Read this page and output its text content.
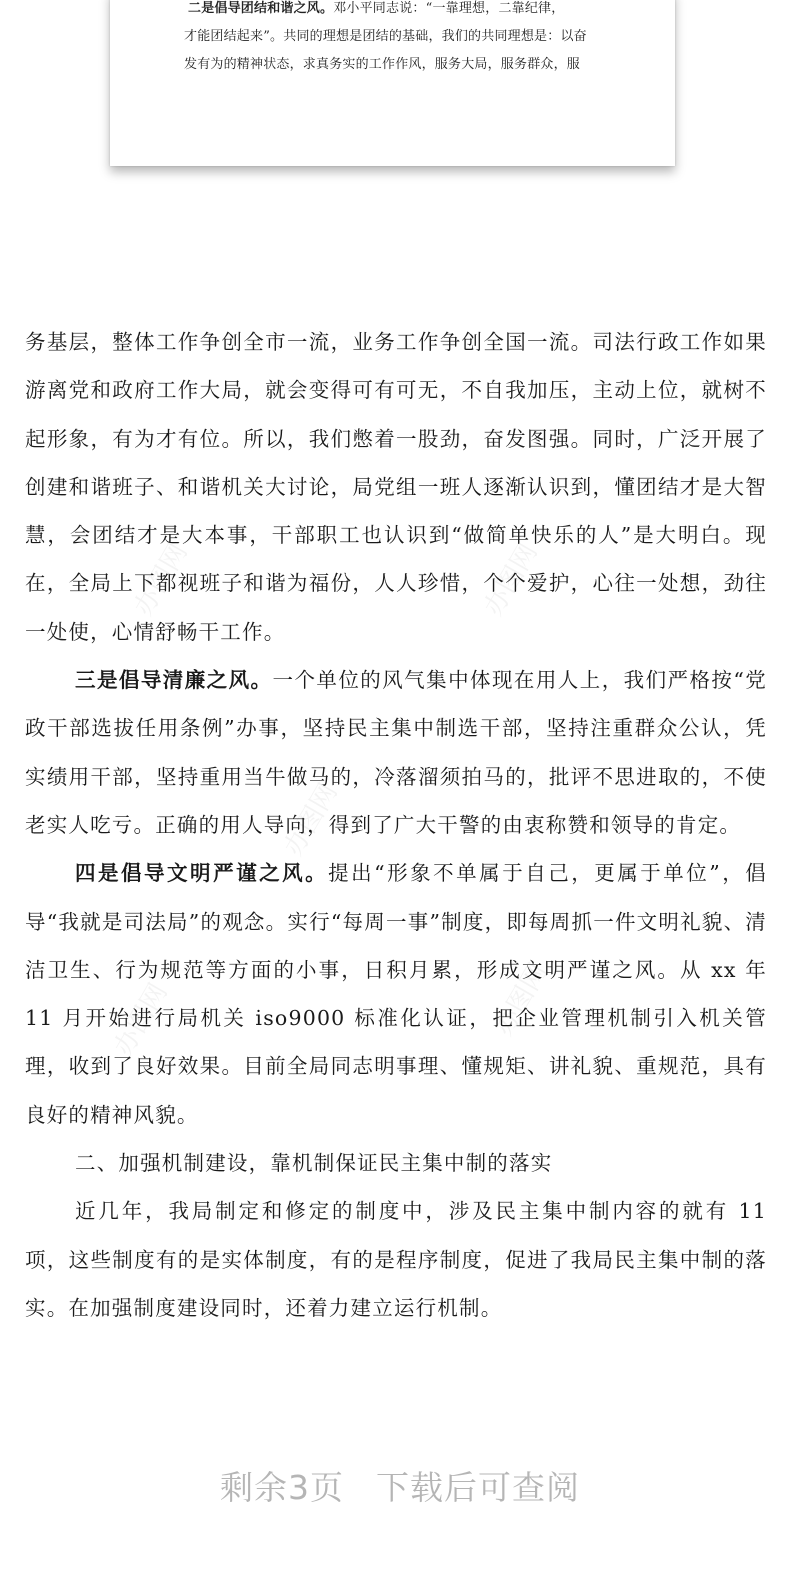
二是倡导团结和谐之风。邓小平同志说：“一靠理想，二靠纪律，
才能团结起来”。共同的理想是团结的基础，我们的共同理想是：以奋
发有为的精神状态，求真务实的工作作风，服务大局，服务群众，服
办图网	办图网
办图网
办图网	办图网

务基层，整体工作争创全市一流，业务工作争创全国一流。司法行政工作如果游离党和政府工作大局，就会变得可有可无，不自我加压，主动上位，就树不起形象，有为才有位。所以，我们憋着一股劲，奋发图强。同时，广泛开展了创建和谐班子、和谐机关大讨论，局党组一班人逐渐认识到，懂团结才是大智慧，会团结才是大本事，干部职工也认识到“做简单快乐的人”是大明白。现在，全局上下都视班子和谐为福份，人人珍惜，个个爱护，心往一处想，劲往一处使，心情舒畅干工作。

三是倡导清廉之风。一个单位的风气集中体现在用人上，我们严格按“党政干部选拔任用条例”办事，坚持民主集中制选干部，坚持注重群众公认，凭实绩用干部，坚持重用当牛做马的，冷落溜须拍马的，批评不思进取的，不使老实人吃亏。正确的用人导向，得到了广大干警的由衷称赞和领导的肯定。

四是倡导文明严谨之风。提出“形象不单属于自己，更属于单位”，倡导“我就是司法局”的观念。实行“每周一事”制度，即每周抓一件文明礼貌、清洁卫生、行为规范等方面的小事，日积月累，形成文明严谨之风。从 xx 年 11 月开始进行局机关 iso9000 标准化认证，把企业管理机制引入机关管理，收到了良好效果。目前全局同志明事理、懂规矩、讲礼貌、重规范，具有良好的精神风貌。

二、加强机制建设，靠机制保证民主集中制的落实

近几年，我局制定和修定的制度中，涉及民主集中制内容的就有 11 项，这些制度有的是实体制度，有的是程序制度，促进了我局民主集中制的落实。在加强制度建设同时，还着力建立运行机制。

剩余3页 下载后可查阅
